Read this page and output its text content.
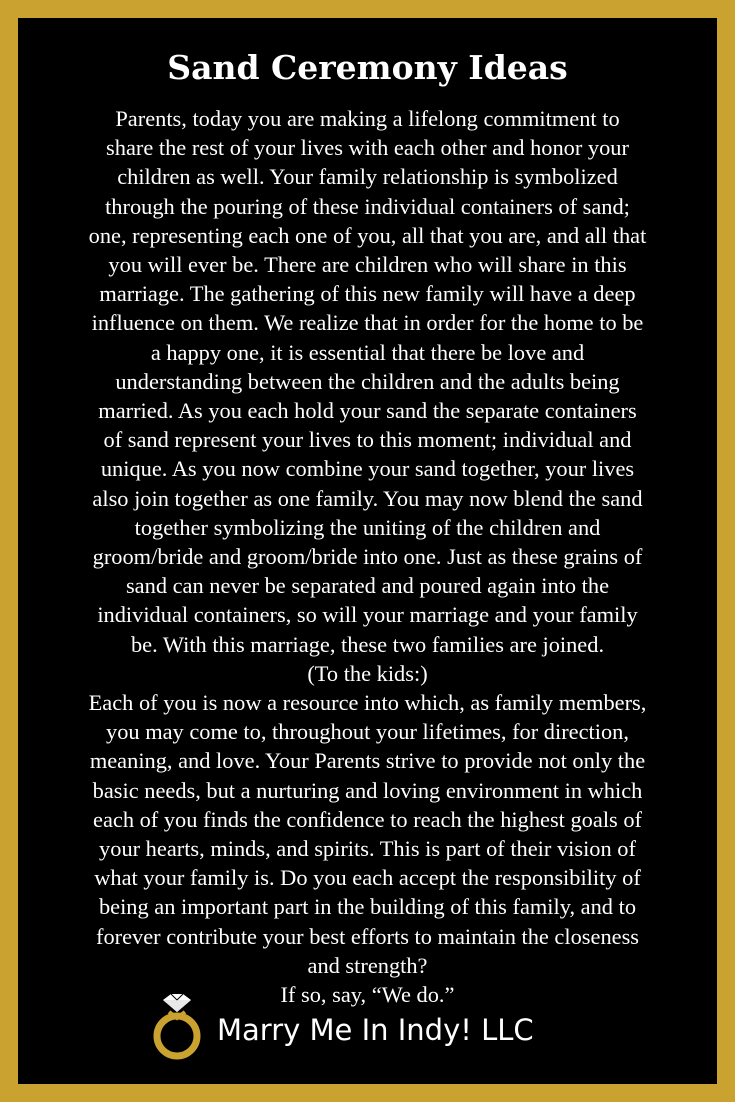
Sand Ceremony Ideas
Parents, today you are making a lifelong commitment to
share the rest of your lives with each other and honor your
children as well. Your family relationship is symbolized
through the pouring of these individual containers of sand;
one, representing each one of you, all that you are, and all that
you will ever be. There are children who will share in this
marriage. The gathering of this new family will have a deep
influence on them. We realize that in order for the home to be
a happy one, it is essential that there be love and
understanding between the children and the adults being
married. As you each hold your sand the separate containers
of sand represent your lives to this moment; individual and
unique. As you now combine your sand together, your lives
also join together as one family. You may now blend the sand
together symbolizing the uniting of the children and
groom/bride and groom/bride into one. Just as these grains of
sand can never be separated and poured again into the
individual containers, so will your marriage and your family
be. With this marriage, these two families are joined.
(To the kids:)
Each of you is now a resource into which, as family members,
you may come to, throughout your lifetimes, for direction,
meaning, and love. Your Parents strive to provide not only the
basic needs, but a nurturing and loving environment in which
each of you finds the confidence to reach the highest goals of
your hearts, minds, and spirits. This is part of their vision of
what your family is. Do you each accept the responsibility of
being an important part in the building of this family, and to
forever contribute your best efforts to maintain the closeness
and strength?
If so, say, “We do.”
Marry Me In Indy! LLC
